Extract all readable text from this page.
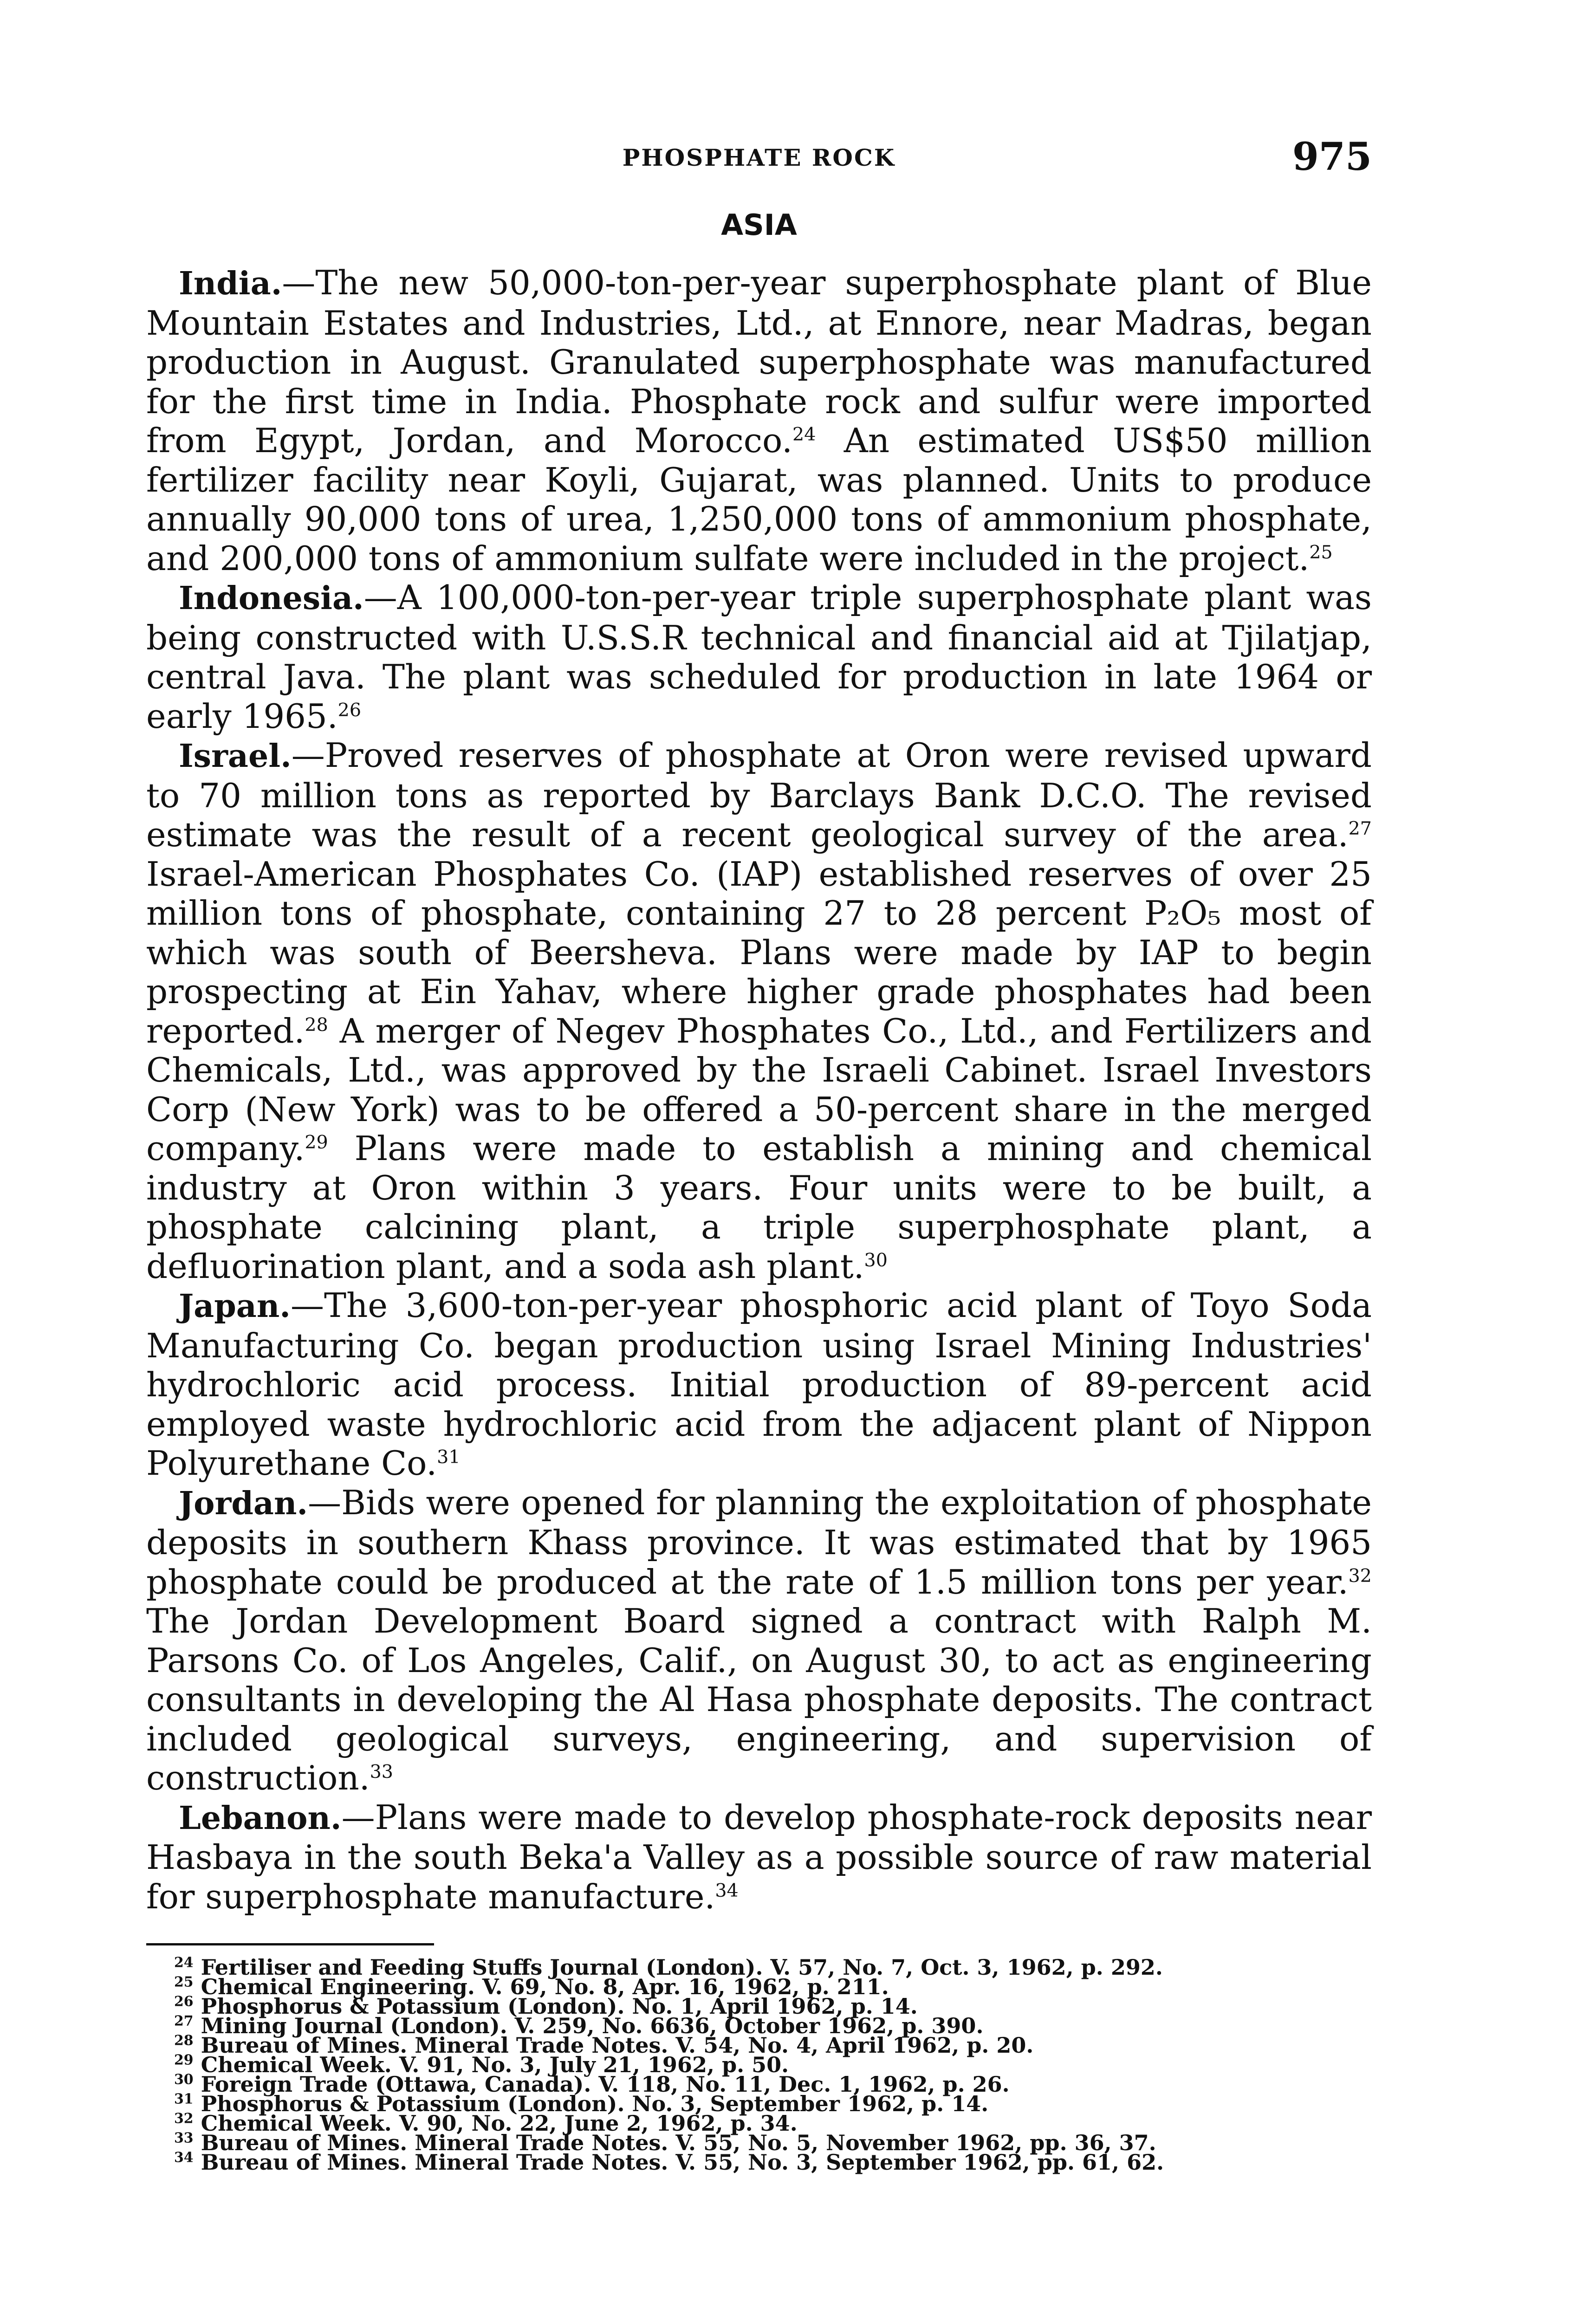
PHOSPHATE ROCK	975
ASIA

India.—The new 50,000-ton-per-year superphosphate plant of Blue Mountain Estates and Industries, Ltd., at Ennore, near Madras, began production in August. Granulated superphosphate was manufactured for the first time in India. Phosphate rock and sulfur were imported from Egypt, Jordan, and Morocco.$^{24}$ An estimated US$50 million fertilizer facility near Koyli, Gujarat, was planned. Units to produce annually 90,000 tons of urea, 1,250,000 tons of ammonium phosphate, and 200,000 tons of ammonium sulfate were included in the project.$^{25}$

Indonesia.—A 100,000-ton-per-year triple superphosphate plant was being constructed with U.S.S.R technical and financial aid at Tjilatjap, central Java. The plant was scheduled for production in late 1964 or early 1965.26

Israel.—Proved reserves of phosphate at Oron were revised upward to 70 million tons as reported by Barclays Bank D.C.O. The revised estimate was the result of a recent geological survey of the area.$^{27}$ Israel-American Phosphates Co. (IAP) established reserves of over 25 million tons of phosphate, containing 27 to 28 percent P₂O₅ most of which was south of Beersheva. Plans were made by IAP to begin prospecting at Ein Yahav, where higher grade phosphates had been reported.$^{28}$ A merger of Negev Phosphates Co., Ltd., and Fertilizers and Chemicals, Ltd., was approved by the Israeli Cabinet. Israel Investors Corp (New York) was to be offered a 50-percent share in the merged company.$^{29}$ Plans were made to establish a mining and chemical industry at Oron within 3 years. Four units were to be built, a phosphate calcining plant, a triple superphosphate plant, a defluorination plant, and a soda ash plant.$^{30}$

Japan.—The 3,600-ton-per-year phosphoric acid plant of Toyo Soda Manufacturing Co. began production using Israel Mining Industries' hydrochloric acid process. Initial production of 89-percent acid employed waste hydrochloric acid from the adjacent plant of Nippon Polyurethane Co.$^{31}$

Jordan.—Bids were opened for planning the exploitation of phosphate deposits in southern Khass province. It was estimated that by 1965 phosphate could be produced at the rate of 1.5 million tons per year.$^{32}$ The Jordan Development Board signed a contract with Ralph M. Parsons Co. of Los Angeles, Calif., on August 30, to act as engineering consultants in developing the Al Hasa phosphate deposits. The contract included geological surveys, engineering, and supervision of construction.$^{33}$

Lebanon.—Plans were made to develop phosphate-rock deposits near Hasbaya in the south Beka'a Valley as a possible source of raw material for superphosphate manufacture.$^{34}$

$^{24}$ Fertiliser and Feeding Stuffs Journal (London). V. 57, No. 7, Oct. 3, 1962, p. 292.
$^{25}$ Chemical Engineering. V. 69, No. 8, Apr. 16, 1962, p. 211.
$^{26}$ Phosphorus & Potassium (London). No. 1, April 1962, p. 14.
$^{27}$ Mining Journal (London). V. 259, No. 6636, October 1962, p. 390.
$^{28}$ Bureau of Mines. Mineral Trade Notes. V. 54, No. 4, April 1962, p. 20.
$^{29}$ Chemical Week. V. 91, No. 3, July 21, 1962, p. 50.
$^{30}$ Foreign Trade (Ottawa, Canada). V. 118, No. 11, Dec. 1, 1962, p. 26.
$^{31}$ Phosphorus & Potassium (London). No. 3, September 1962, p. 14.
$^{32}$ Chemical Week. V. 90, No. 22, June 2, 1962, p. 34.
$^{33}$ Bureau of Mines. Mineral Trade Notes. V. 55, No. 5, November 1962, pp. 36, 37.
$^{34}$ Bureau of Mines. Mineral Trade Notes. V. 55, No. 3, September 1962, pp. 61, 62.
